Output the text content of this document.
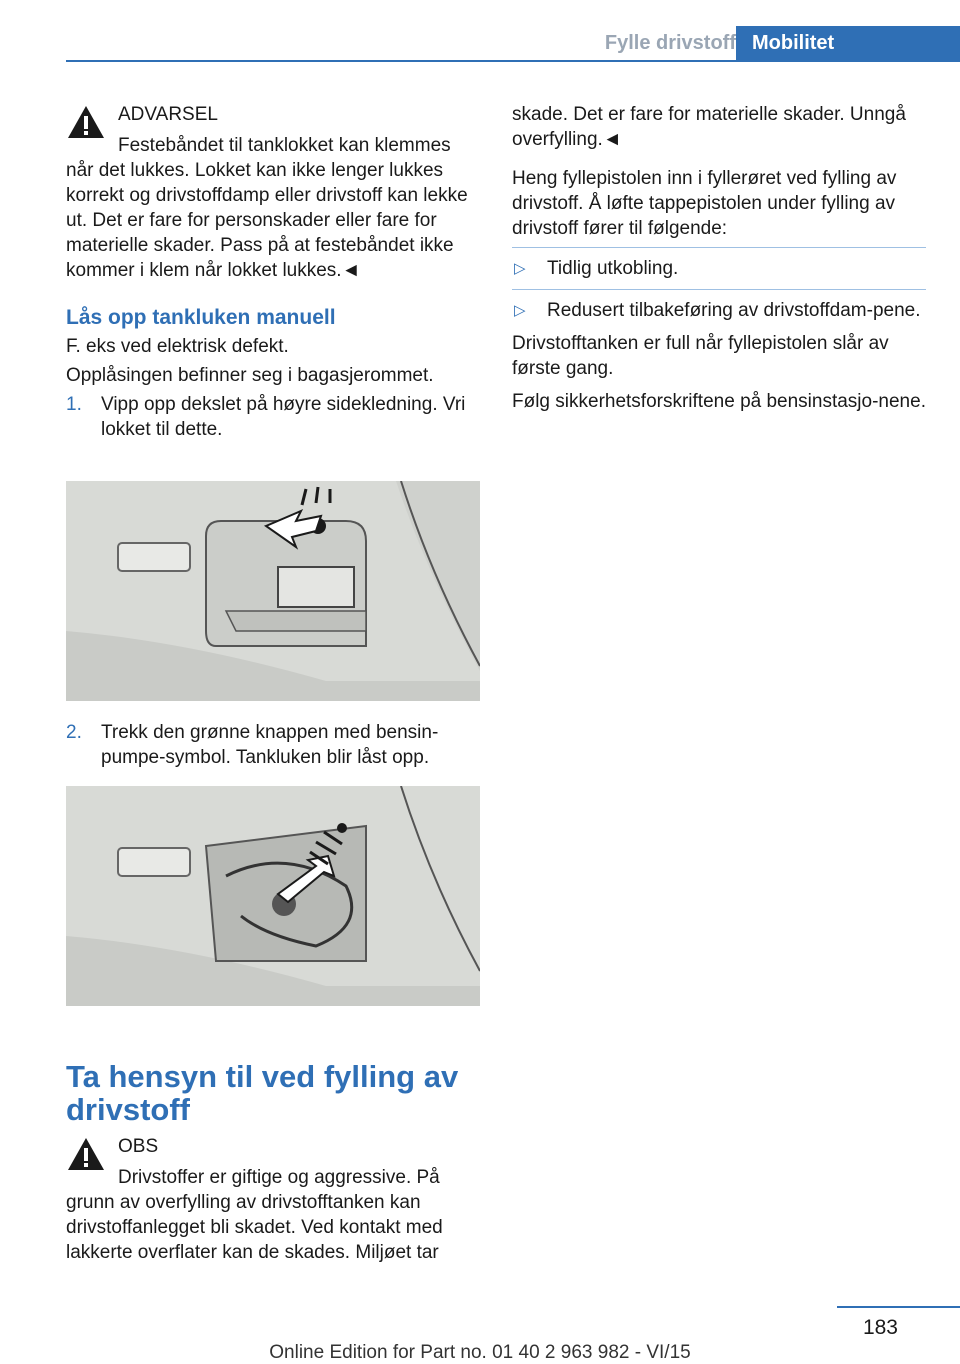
Fylle drivstoff Mobilitet
ADVARSEL

Festebåndet til tanklokket kan klemmes når det lukkes. Lokket kan ikke lenger lukkes korrekt og drivstoffdamp eller drivstoff kan lekke ut. Det er fare for personskader eller fare for materielle skader. Pass på at festebåndet ikke kommer i klem når lokket lukkes.◄

Lås opp tankluken manuell

F. eks ved elektrisk defekt.

Opplåsingen befinner seg i bagasjerommet.

1. Vipp opp dekslet på høyre sidekledning. Vri lokket til dette.
2. Trekk den grønne knappen med bensin-pumpe-symbol. Tankluken blir låst opp.
Ta hensyn til ved fylling av drivstoff
OBS

Drivstoffer er giftige og aggressive. På grunn av overfylling av drivstofftanken kan drivstoffanlegget bli skadet. Ved kontakt med lakkerte overflater kan de skades. Miljøet tar

skade. Det er fare for materielle skader. Unngå overfylling.◄

Heng fyllepistolen inn i fyllerøret ved fylling av drivstoff. Å løfte tappepistolen under fylling av drivstoff fører til følgende:

▷ Tidlig utkobling.
▷ Redusert tilbakeføring av drivstoffdam-pene.

Drivstofftanken er full når fyllepistolen slår av første gang.

Følg sikkerhetsforskriftene på bensinstasjo-nene.

183
Online Edition for Part no. 01 40 2 963 982 - VI/15
